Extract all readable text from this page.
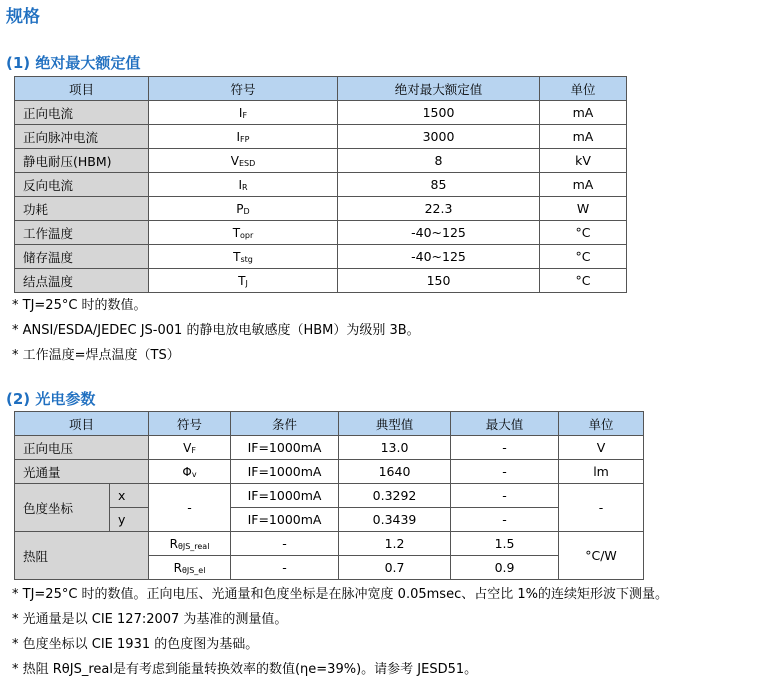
规格
(1) 绝对最大额定值
项目	符号	绝对最大额定值	单位
正向电流	IF	1500	mA
正向脉冲电流	IFP	3000	mA
静电耐压(HBM)	VESD	8	kV
反向电流	IR	85	mA
功耗	PD	22.3	W
工作温度	Topr	-40~125	°C
储存温度	Tstg	-40~125	°C
结点温度	TJ	150	°C
* TJ=25°C 时的数值。
* ANSI/ESDA/JEDEC JS-001 的静电放电敏感度（HBM）为级别 3B。
* 工作温度=焊点温度（TS）
(2) 光电参数
项目		符号	条件	典型值	最大值	单位
正向电压		VF	IF=1000mA	13.0	-	V
光通量		Φv	IF=1000mA	1640	-	lm
色度坐标	x	-	IF=1000mA	0.3292	-	-
	y		IF=1000mA	0.3439	-	
热阻		RθJS_real	-	1.2	1.5	°C/W
		RθJS_el	-	0.7	0.9	
* TJ=25°C 时的数值。正向电压、光通量和色度坐标是在脉冲宽度 0.05msec、占空比 1%的连续矩形波下测量。
* 光通量是以 CIE 127:2007 为基准的测量值。
* 色度坐标以 CIE 1931 的色度图为基础。
* 热阻 RθJS_real是有考虑到能量转换效率的数值(ηe=39%)。请参考 JESD51。
